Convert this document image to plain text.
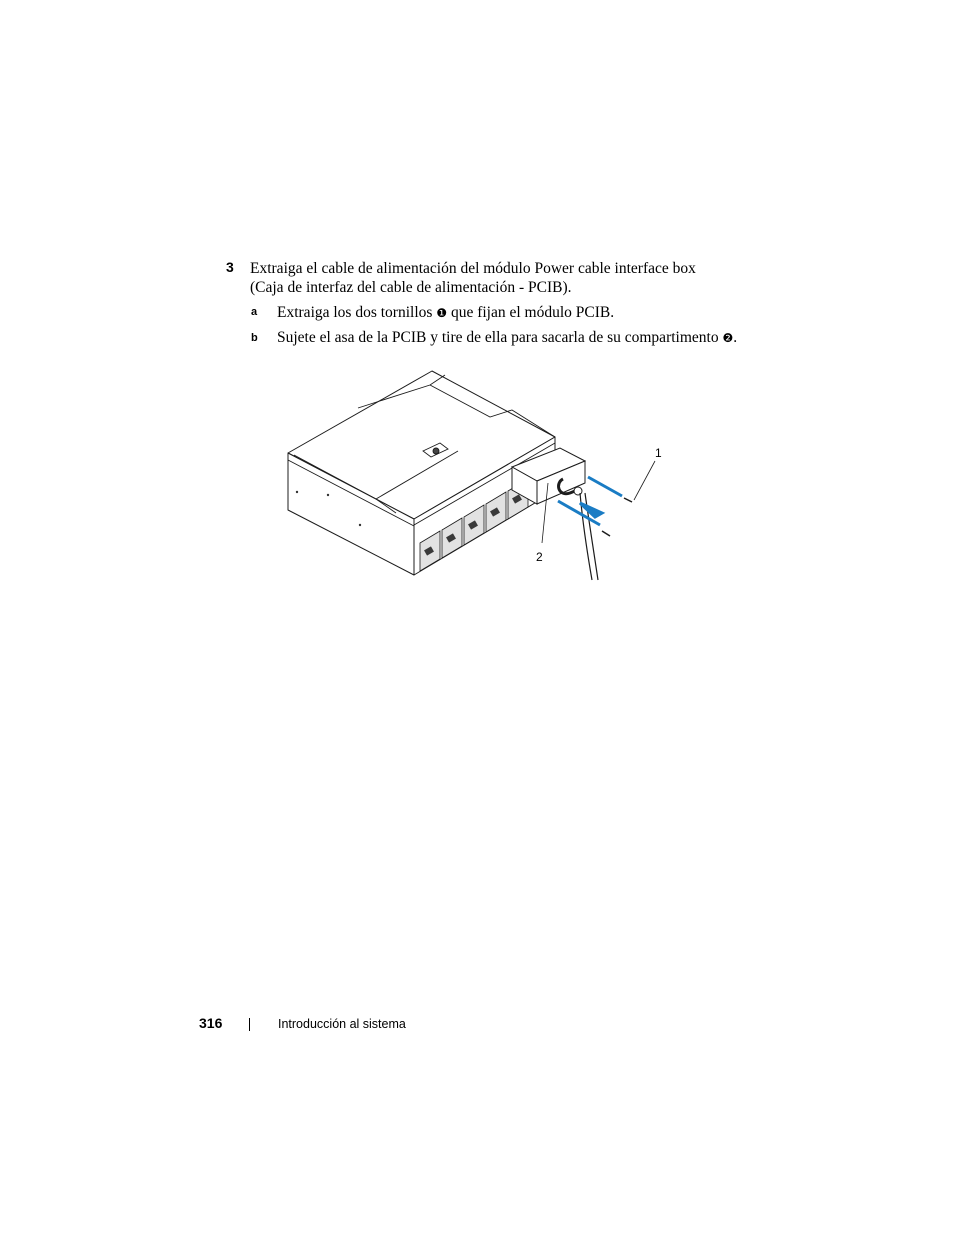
3 Extraiga el cable de alimentación del módulo Power cable interface box
(Caja de interfaz del cable de alimentación - PCIB).
a Extraiga los dos tornillos ❶ que fijan el módulo PCIB.
b Sujete el asa de la PCIB y tire de ella para sacarla de su compartimento ❷.
1
2
316	Introducción al sistema
